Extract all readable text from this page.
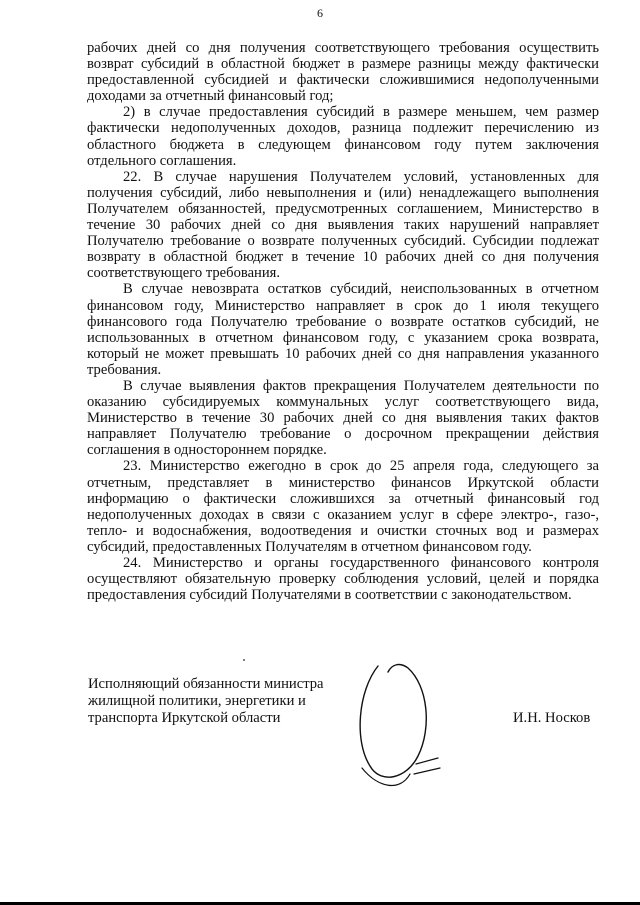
6

рабочих дней со дня получения соответствующего требования осуществить возврат субсидий в областной бюджет в размере разницы между фактически предоставленной субсидией и фактически сложившимися недополученными доходами за отчетный финансовый год;

2) в случае предоставления субсидий в размере меньшем, чем размер фактически недополученных доходов, разница подлежит перечислению из областного бюджета в следующем финансовом году путем заключения отдельного соглашения.

22. В случае нарушения Получателем условий, установленных для получения субсидий, либо невыполнения и (или) ненадлежащего выполнения Получателем обязанностей, предусмотренных соглашением, Министерство в течение 30 рабочих дней со дня выявления таких нарушений направляет Получателю требование о возврате полученных субсидий. Субсидии подлежат возврату в областной бюджет в течение 10 рабочих дней со дня получения соответствующего требования.

В случае невозврата остатков субсидий, неиспользованных в отчетном финансовом году, Министерство направляет в срок до 1 июля текущего финансового года Получателю требование о возврате остатков субсидий, не использованных в отчетном финансовом году, с указанием срока возврата, который не может превышать 10 рабочих дней со дня направления указанного требования.

В случае выявления фактов прекращения Получателем деятельности по оказанию субсидируемых коммунальных услуг соответствующего вида, Министерство в течение 30 рабочих дней со дня выявления таких фактов направляет Получателю требование о досрочном прекращении действия соглашения в одностороннем порядке.

23. Министерство ежегодно в срок до 25 апреля года, следующего за отчетным, представляет в министерство финансов Иркутской области информацию о фактически сложившихся за отчетный финансовый год недополученных доходах в связи с оказанием услуг в сфере электро-, газо-, тепло- и водоснабжения, водоотведения и очистки сточных вод и размерах субсидий, предоставленных Получателям в отчетном финансовом году.

24. Министерство и органы государственного финансового контроля осуществляют обязательную проверку соблюдения условий, целей и порядка предоставления субсидий Получателями в соответствии с законодательством.

Исполняющий обязанности министра
жилищной политики, энергетики и
транспорта Иркутской области	И.Н. Носков
